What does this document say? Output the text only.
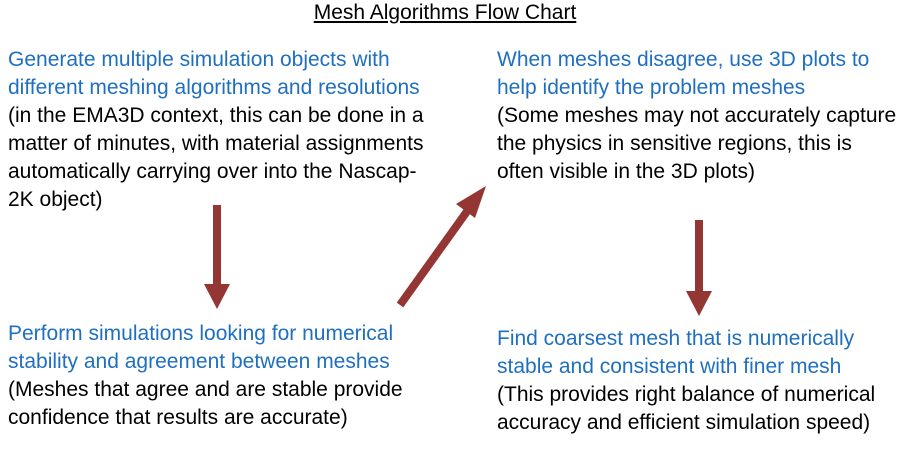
Mesh Algorithms Flow Chart
Generate multiple simulation objects with
different meshing algorithms and resolutions
(in the EMA3D context, this can be done in a
matter of minutes, with material assignments
automatically carrying over into the Nascap-
2K object)
When meshes disagree, use 3D plots to
help identify the problem meshes
(Some meshes may not accurately capture
the physics in sensitive regions, this is
often visible in the 3D plots)
Perform simulations looking for numerical
stability and agreement between meshes
(Meshes that agree and are stable provide
confidence that results are accurate)
Find coarsest mesh that is numerically
stable and consistent with finer mesh
(This provides right balance of numerical
accuracy and efficient simulation speed)
